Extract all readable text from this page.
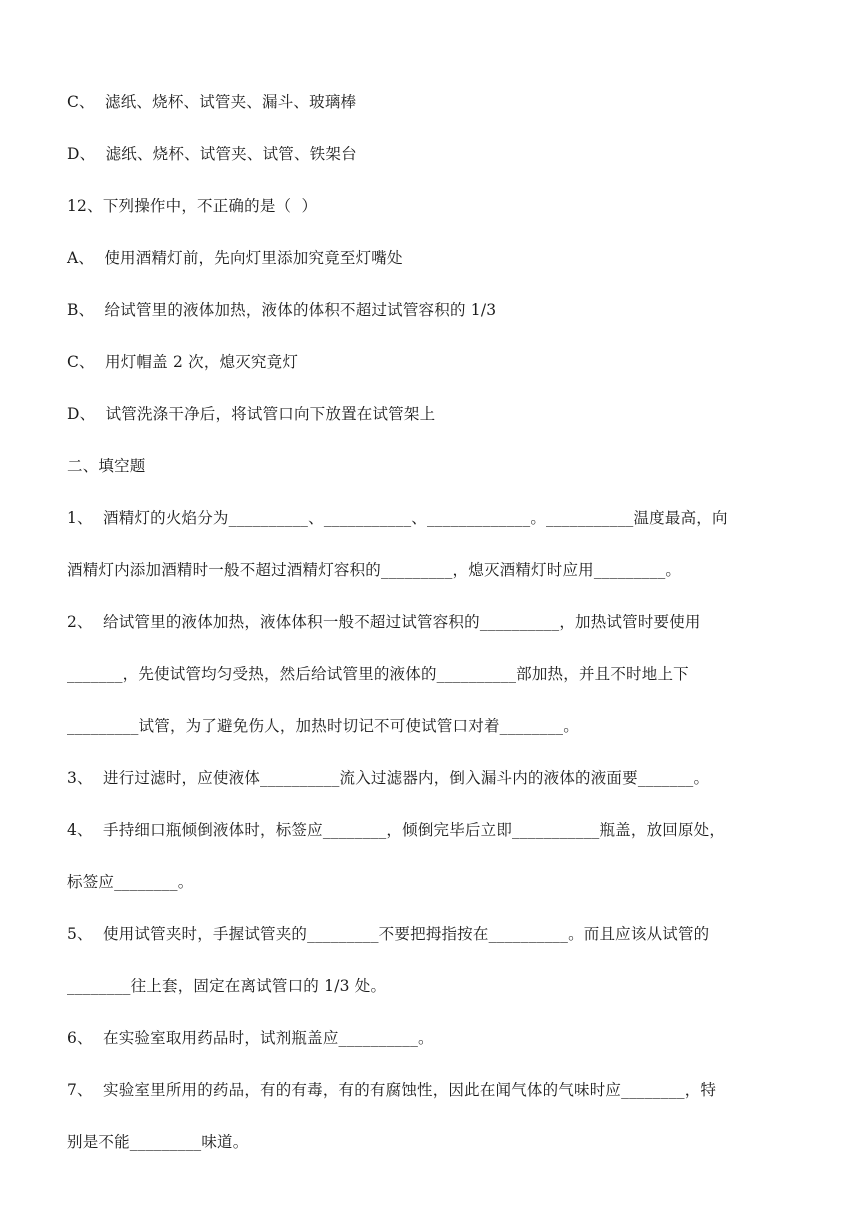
C、  滤纸、烧杯、试管夹、漏斗、玻璃棒
D、  滤纸、烧杯、试管夹、试管、铁架台
12、下列操作中，不正确的是（  ）
A、  使用酒精灯前，先向灯里添加究竟至灯嘴处
B、  给试管里的液体加热，液体的体积不超过试管容积的 1/3
C、  用灯帽盖 2 次，熄灭究竟灯
D、  试管洗涤干净后，将试管口向下放置在试管架上
二、填空题
1、  酒精灯的火焰分为__________、___________、_____________。___________温度最高，向
酒精灯内添加酒精时一般不超过酒精灯容积的_________，熄灭酒精灯时应用_________。
2、  给试管里的液体加热，液体体积一般不超过试管容积的__________，加热试管时要使用
_______，先使试管均匀受热，然后给试管里的液体的__________部加热，并且不时地上下
_________试管，为了避免伤人，加热时切记不可使试管口对着________。
3、  进行过滤时，应使液体__________流入过滤器内，倒入漏斗内的液体的液面要_______。
4、  手持细口瓶倾倒液体时，标签应________，倾倒完毕后立即___________瓶盖，放回原处，
标签应________。
5、  使用试管夹时，手握试管夹的_________不要把拇指按在__________。而且应该从试管的
________往上套，固定在离试管口的 1/3 处。
6、  在实验室取用药品时，试剂瓶盖应__________。
7、  实验室里所用的药品，有的有毒，有的有腐蚀性，因此在闻气体的气味时应________，特
别是不能_________味道。
